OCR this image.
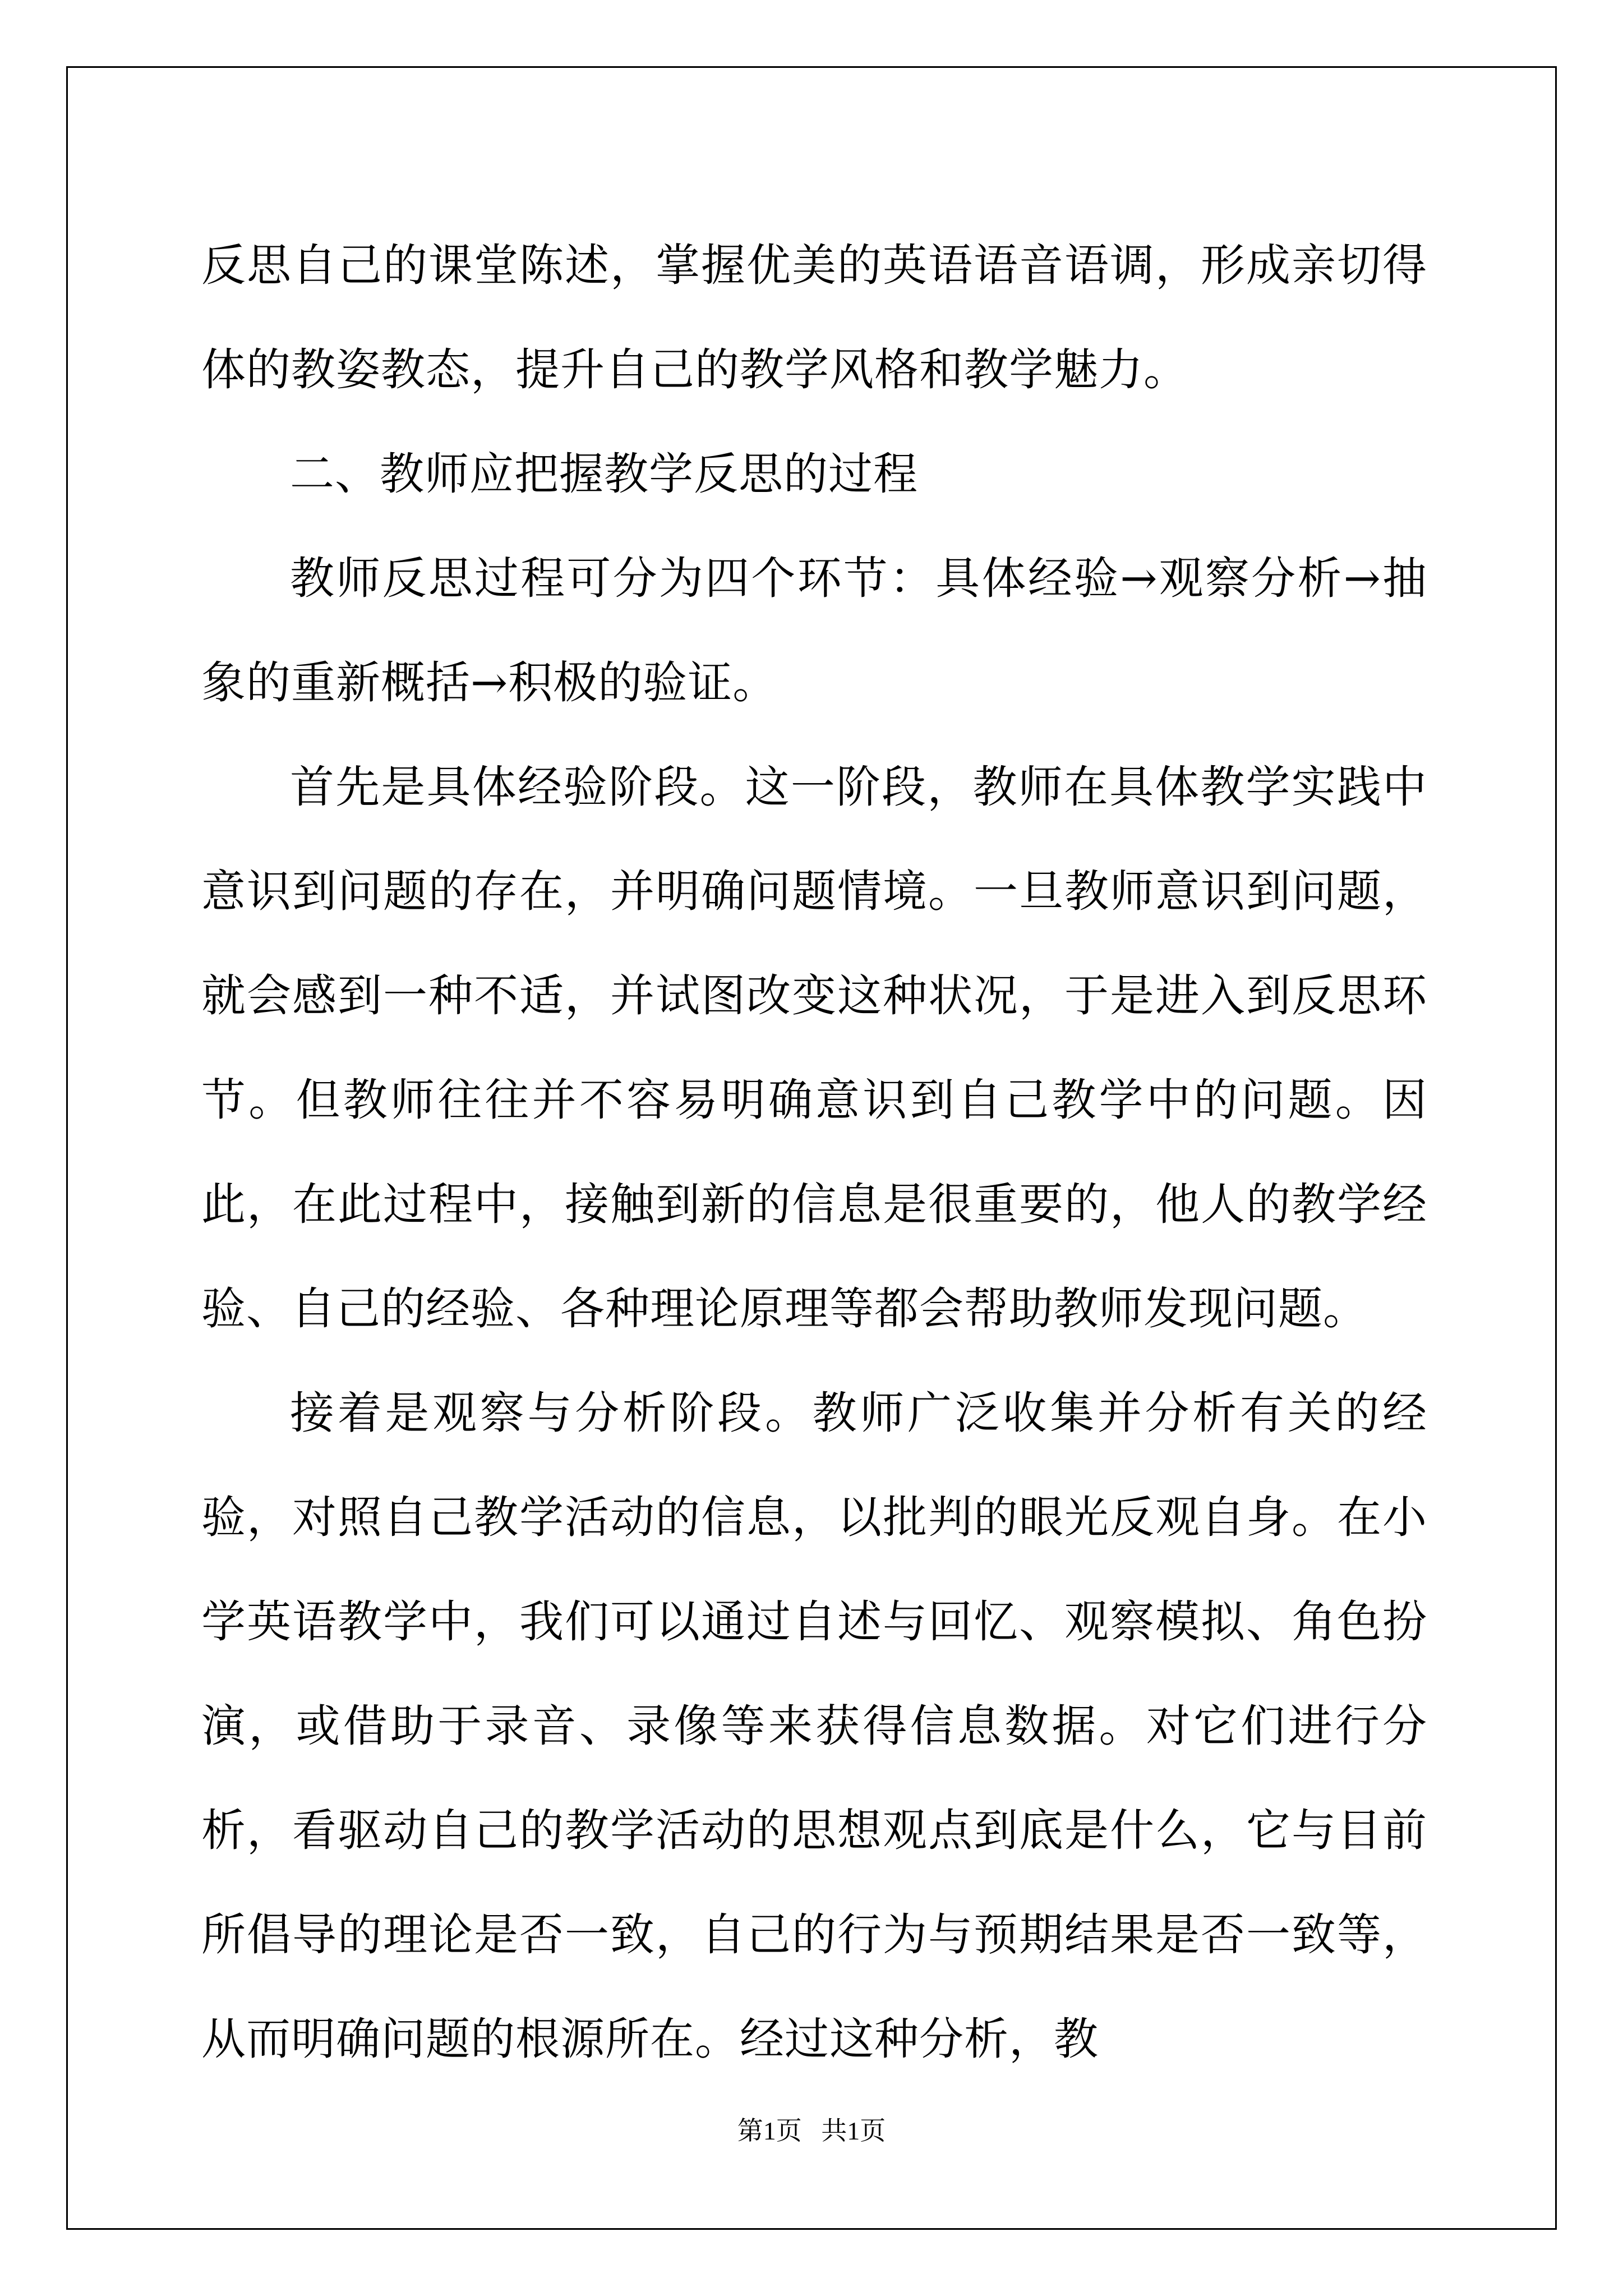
反思自己的课堂陈述，掌握优美的英语语音语调，形成亲切得体的教姿教态，提升自己的教学风格和教学魅力。

二、教师应把握教学反思的过程

教师反思过程可分为四个环节：具体经验→观察分析→抽象的重新概括→积极的验证。

首先是具体经验阶段。这一阶段，教师在具体教学实践中意识到问题的存在，并明确问题情境。一旦教师意识到问题，就会感到一种不适，并试图改变这种状况，于是进入到反思环节。但教师往往并不容易明确意识到自己教学中的问题。因此，在此过程中，接触到新的信息是很重要的，他人的教学经验、自己的经验、各种理论原理等都会帮助教师发现问题。

接着是观察与分析阶段。教师广泛收集并分析有关的经验，对照自己教学活动的信息，以批判的眼光反观自身。在小学英语教学中，我们可以通过自述与回忆、观察模拟、角色扮演，或借助于录音、录像等来获得信息数据。对它们进行分析，看驱动自己的教学活动的思想观点到底是什么，它与目前所倡导的理论是否一致，自己的行为与预期结果是否一致等，从而明确问题的根源所在。经过这种分析，教

第1页 共1页
